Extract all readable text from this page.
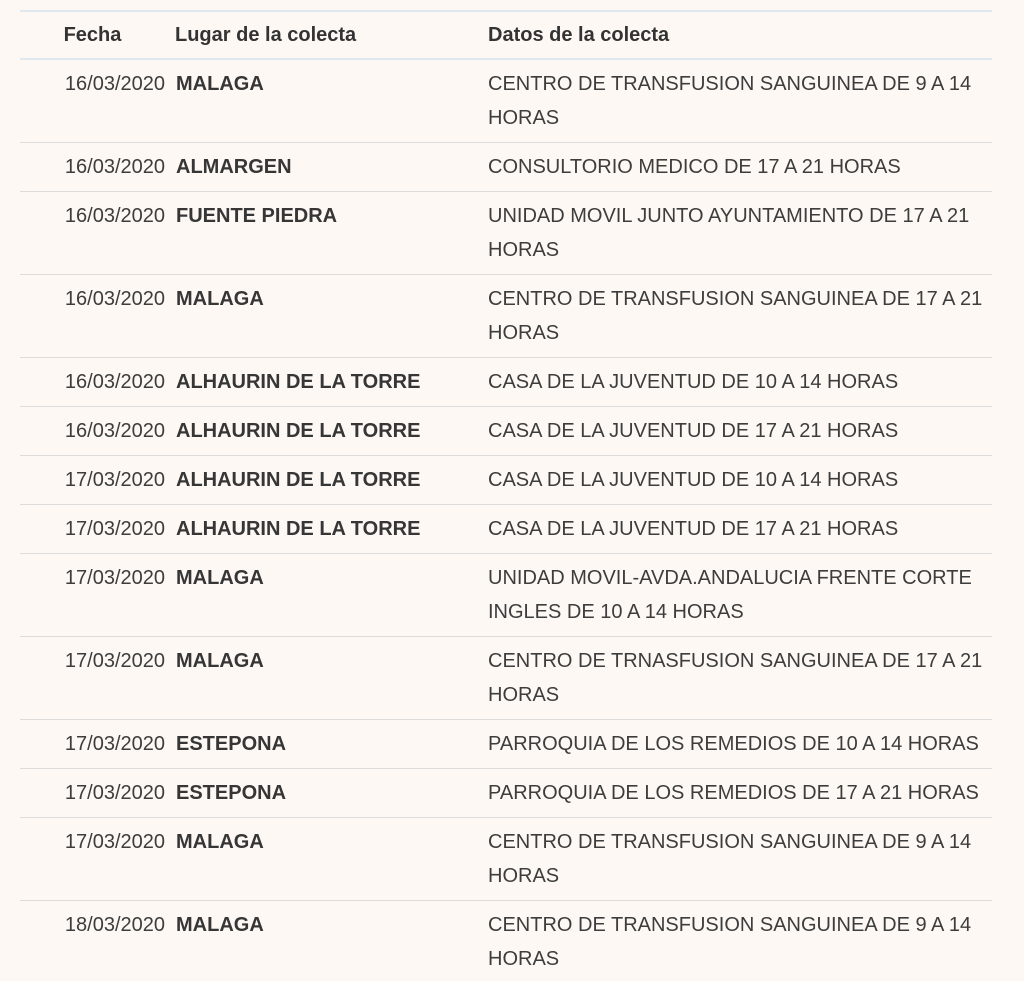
Fecha	Lugar de la colecta	Datos de la colecta
16/03/2020	MALAGA	CENTRO DE TRANSFUSION SANGUINEA DE 9 A 14 HORAS
16/03/2020	ALMARGEN	CONSULTORIO MEDICO DE 17 A 21 HORAS
16/03/2020	FUENTE PIEDRA	UNIDAD MOVIL JUNTO AYUNTAMIENTO DE 17 A 21 HORAS
16/03/2020	MALAGA	CENTRO DE TRANSFUSION SANGUINEA DE 17 A 21 HORAS
16/03/2020	ALHAURIN DE LA TORRE	CASA DE LA JUVENTUD DE 10 A 14 HORAS
16/03/2020	ALHAURIN DE LA TORRE	CASA DE LA JUVENTUD DE 17 A 21 HORAS
17/03/2020	ALHAURIN DE LA TORRE	CASA DE LA JUVENTUD DE 10 A 14 HORAS
17/03/2020	ALHAURIN DE LA TORRE	CASA DE LA JUVENTUD DE 17 A 21 HORAS
17/03/2020	MALAGA	UNIDAD MOVIL-AVDA.ANDALUCIA FRENTE CORTE INGLES DE 10 A 14 HORAS
17/03/2020	MALAGA	CENTRO DE TRNASFUSION SANGUINEA DE 17 A 21 HORAS
17/03/2020	ESTEPONA	PARROQUIA DE LOS REMEDIOS DE 10 A 14 HORAS
17/03/2020	ESTEPONA	PARROQUIA DE LOS REMEDIOS DE 17 A 21 HORAS
17/03/2020	MALAGA	CENTRO DE TRANSFUSION SANGUINEA DE 9 A 14 HORAS
18/03/2020	MALAGA	CENTRO DE TRANSFUSION SANGUINEA DE 9 A 14 HORAS
